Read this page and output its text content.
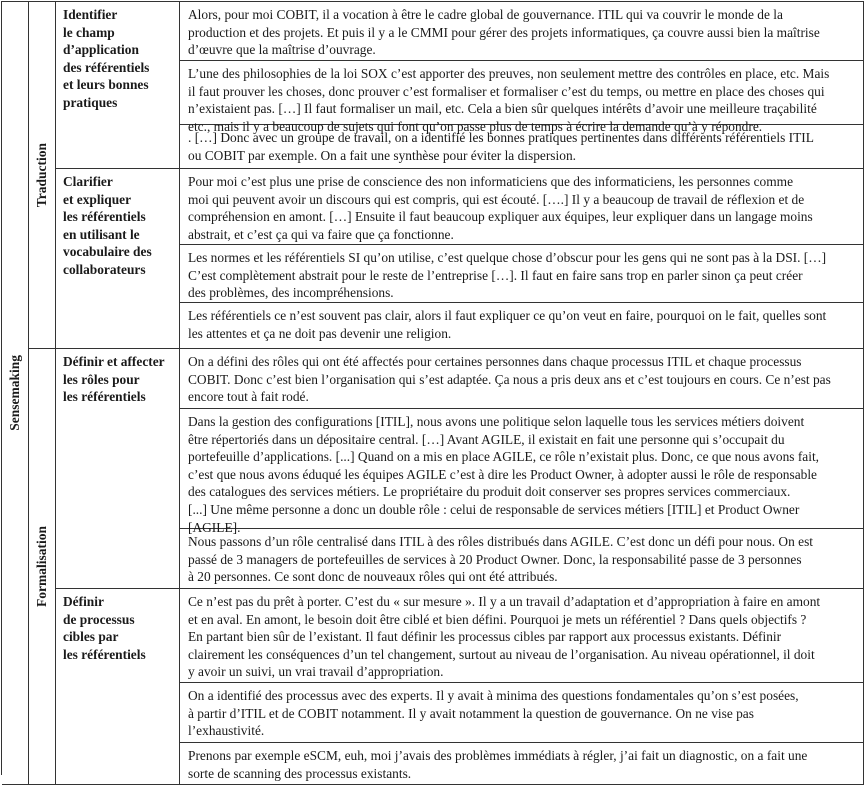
Sensemaking
Traduction
Formalisation
Identifier
le champ
d’application
des référentiels
et leurs bonnes
pratiques
Clarifier
et expliquer
les référentiels
en utilisant le
vocabulaire des
collaborateurs
Définir et affecter
les rôles pour
les référentiels
Définir
de processus
cibles par
les référentiels
Alors, pour moi COBIT, il a vocation à être le cadre global de gouvernance. ITIL qui va couvrir le monde de la
production et des projets. Et puis il y a le CMMI pour gérer des projets informatiques, ça couvre aussi bien la maîtrise
d’œuvre que la maîtrise d’ouvrage.
L’une des philosophies de la loi SOX c’est apporter des preuves, non seulement mettre des contrôles en place, etc. Mais
il faut prouver les choses, donc prouver c’est formaliser et formaliser c’est du temps, ou mettre en place des choses qui
n’existaient pas. […] Il faut formaliser un mail, etc. Cela a bien sûr quelques intérêts d’avoir une meilleure traçabilité
etc., mais il y a beaucoup de sujets qui font qu’on passe plus de temps à écrire la demande qu’à y répondre.
. […] Donc avec un groupe de travail, on a identifié les bonnes pratiques pertinentes dans différents référentiels ITIL
ou COBIT par exemple. On a fait une synthèse pour éviter la dispersion.
Pour moi c’est plus une prise de conscience des non informaticiens que des informaticiens, les personnes comme
moi qui peuvent avoir un discours qui est compris, qui est écouté. [….] Il y a beaucoup de travail de réflexion et de
compréhension en amont. […] Ensuite il faut beaucoup expliquer aux équipes, leur expliquer dans un langage moins
abstrait, et c’est ça qui va faire que ça fonctionne.
Les normes et les référentiels SI qu’on utilise, c’est quelque chose d’obscur pour les gens qui ne sont pas à la DSI. […]
C’est complètement abstrait pour le reste de l’entreprise […]. Il faut en faire sans trop en parler sinon ça peut créer
des problèmes, des incompréhensions.
Les référentiels ce n’est souvent pas clair, alors il faut expliquer ce qu’on veut en faire, pourquoi on le fait, quelles sont
les attentes et ça ne doit pas devenir une religion.
On a défini des rôles qui ont été affectés pour certaines personnes dans chaque processus ITIL et chaque processus
COBIT. Donc c’est bien l’organisation qui s’est adaptée. Ça nous a pris deux ans et c’est toujours en cours. Ce n’est pas
encore tout à fait rodé.
Dans la gestion des configurations [ITIL], nous avons une politique selon laquelle tous les services métiers doivent
être répertoriés dans un dépositaire central. […] Avant AGILE, il existait en fait une personne qui s’occupait du
portefeuille d’applications. [...] Quand on a mis en place AGILE, ce rôle n’existait plus. Donc, ce que nous avons fait,
c’est que nous avons éduqué les équipes AGILE c’est à dire les Product Owner, à adopter aussi le rôle de responsable
des catalogues des services métiers. Le propriétaire du produit doit conserver ses propres services commerciaux.
[...] Une même personne a donc un double rôle : celui de responsable de services métiers [ITIL] et Product Owner
[AGILE].
Nous passons d’un rôle centralisé dans ITIL à des rôles distribués dans AGILE. C’est donc un défi pour nous. On est
passé de 3 managers de portefeuilles de services à 20 Product Owner. Donc, la responsabilité passe de 3 personnes
à 20 personnes. Ce sont donc de nouveaux rôles qui ont été attribués.
Ce n’est pas du prêt à porter. C’est du « sur mesure ». Il y a un travail d’adaptation et d’appropriation à faire en amont
et en aval. En amont, le besoin doit être ciblé et bien défini. Pourquoi je mets un référentiel ? Dans quels objectifs ?
En partant bien sûr de l’existant. Il faut définir les processus cibles par rapport aux processus existants. Définir
clairement les conséquences d’un tel changement, surtout au niveau de l’organisation. Au niveau opérationnel, il doit
y avoir un suivi, un vrai travail d’appropriation.
On a identifié des processus avec des experts. Il y avait à minima des questions fondamentales qu’on s’est posées,
à partir d’ITIL et de COBIT notamment. Il y avait notamment la question de gouvernance. On ne vise pas
l’exhaustivité.
Prenons par exemple eSCM, euh, moi j’avais des problèmes immédiats à régler, j’ai fait un diagnostic, on a fait une
sorte de scanning des processus existants.
